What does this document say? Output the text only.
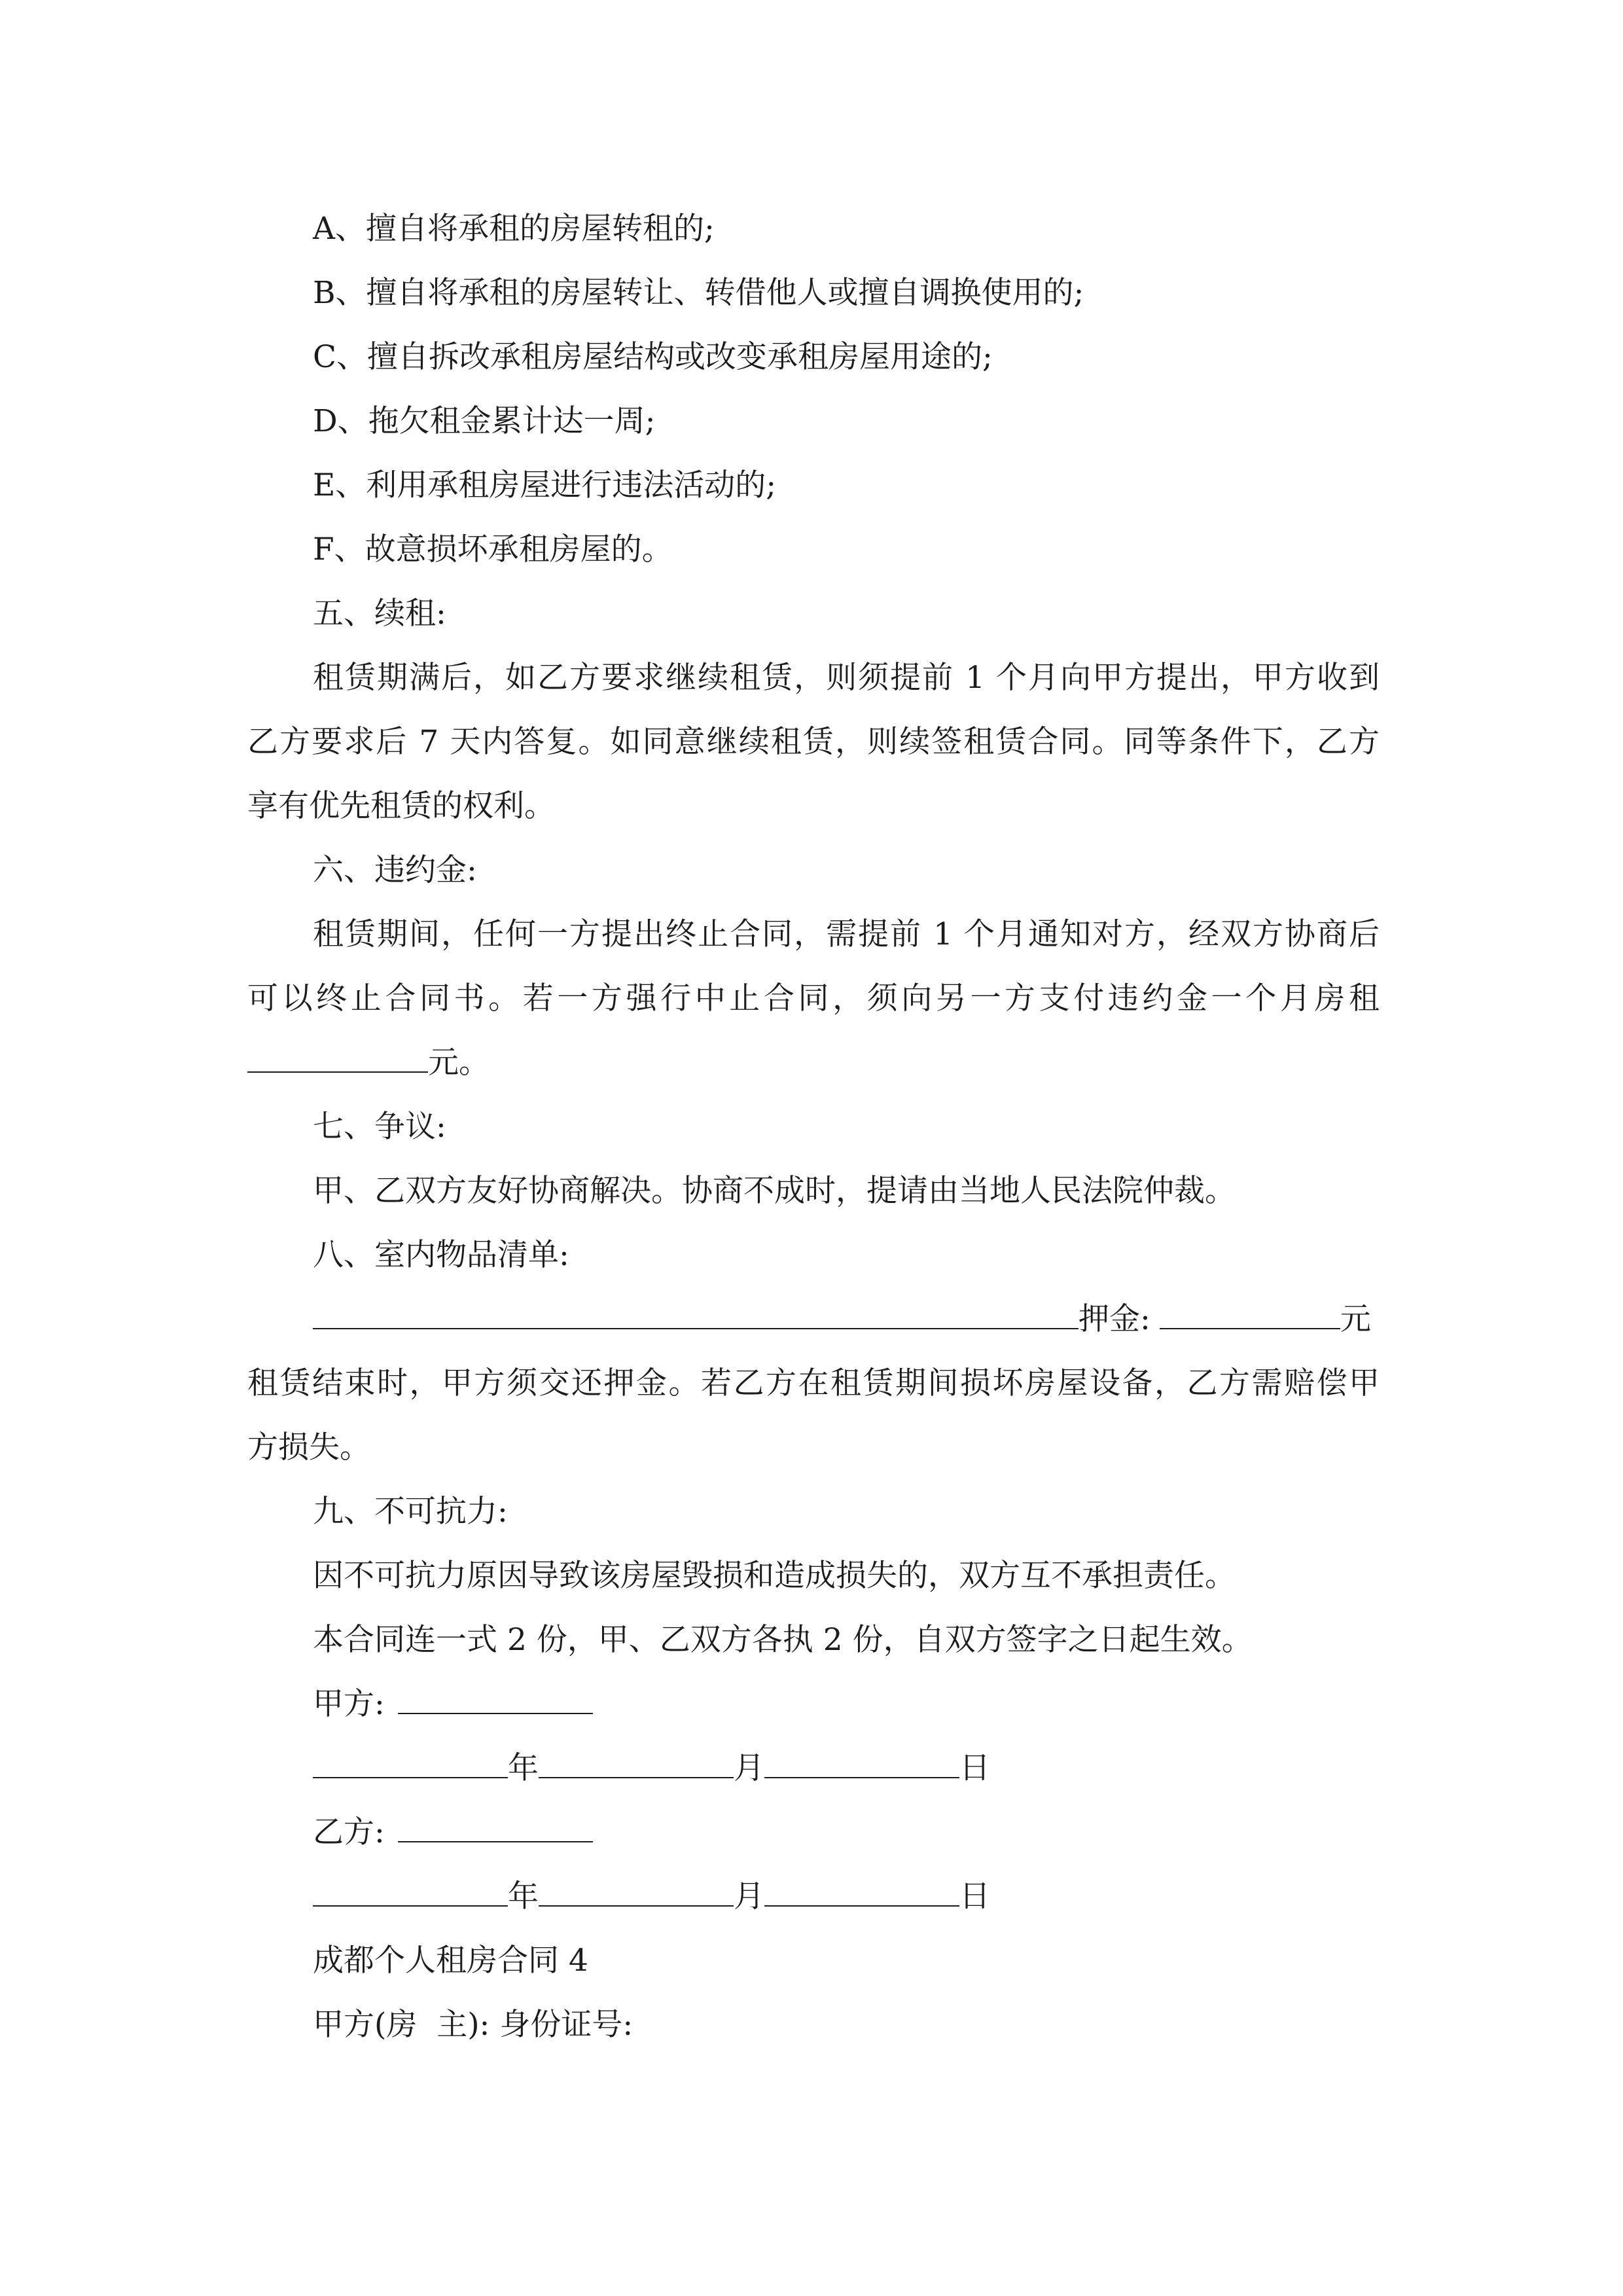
A、擅自将承租的房屋转租的;
B、擅自将承租的房屋转让、转借他人或擅自调换使用的;
C、擅自拆改承租房屋结构或改变承租房屋用途的;
D、拖欠租金累计达一周;
E、利用承租房屋进行违法活动的;
F、故意损坏承租房屋的。
五、续租:
租赁期满后，如乙方要求继续租赁，则须提前 1 个月向甲方提出，甲方收到
乙方要求后 7 天内答复。如同意继续租赁，则续签租赁合同。同等条件下，乙方
享有优先租赁的权利。
六、违约金:
租赁期间，任何一方提出终止合同，需提前 1 个月通知对方，经双方协商后
可以终止合同书。若一方强行中止合同，须向另一方支付违约金一个月房租
元。
七、争议:
甲、乙双方友好协商解决。协商不成时，提请由当地人民法院仲裁。
八、室内物品清单:
押金:	元
租赁结束时，甲方须交还押金。若乙方在租赁期间损坏房屋设备，乙方需赔偿甲
方损失。
九、不可抗力:
因不可抗力原因导致该房屋毁损和造成损失的，双方互不承担责任。
本合同连一式 2 份，甲、乙双方各执 2 份，自双方签字之日起生效。
甲方:
年	月	日
乙方:
年	月	日
成都个人租房合同 4
甲方(房  主): 身份证号:
